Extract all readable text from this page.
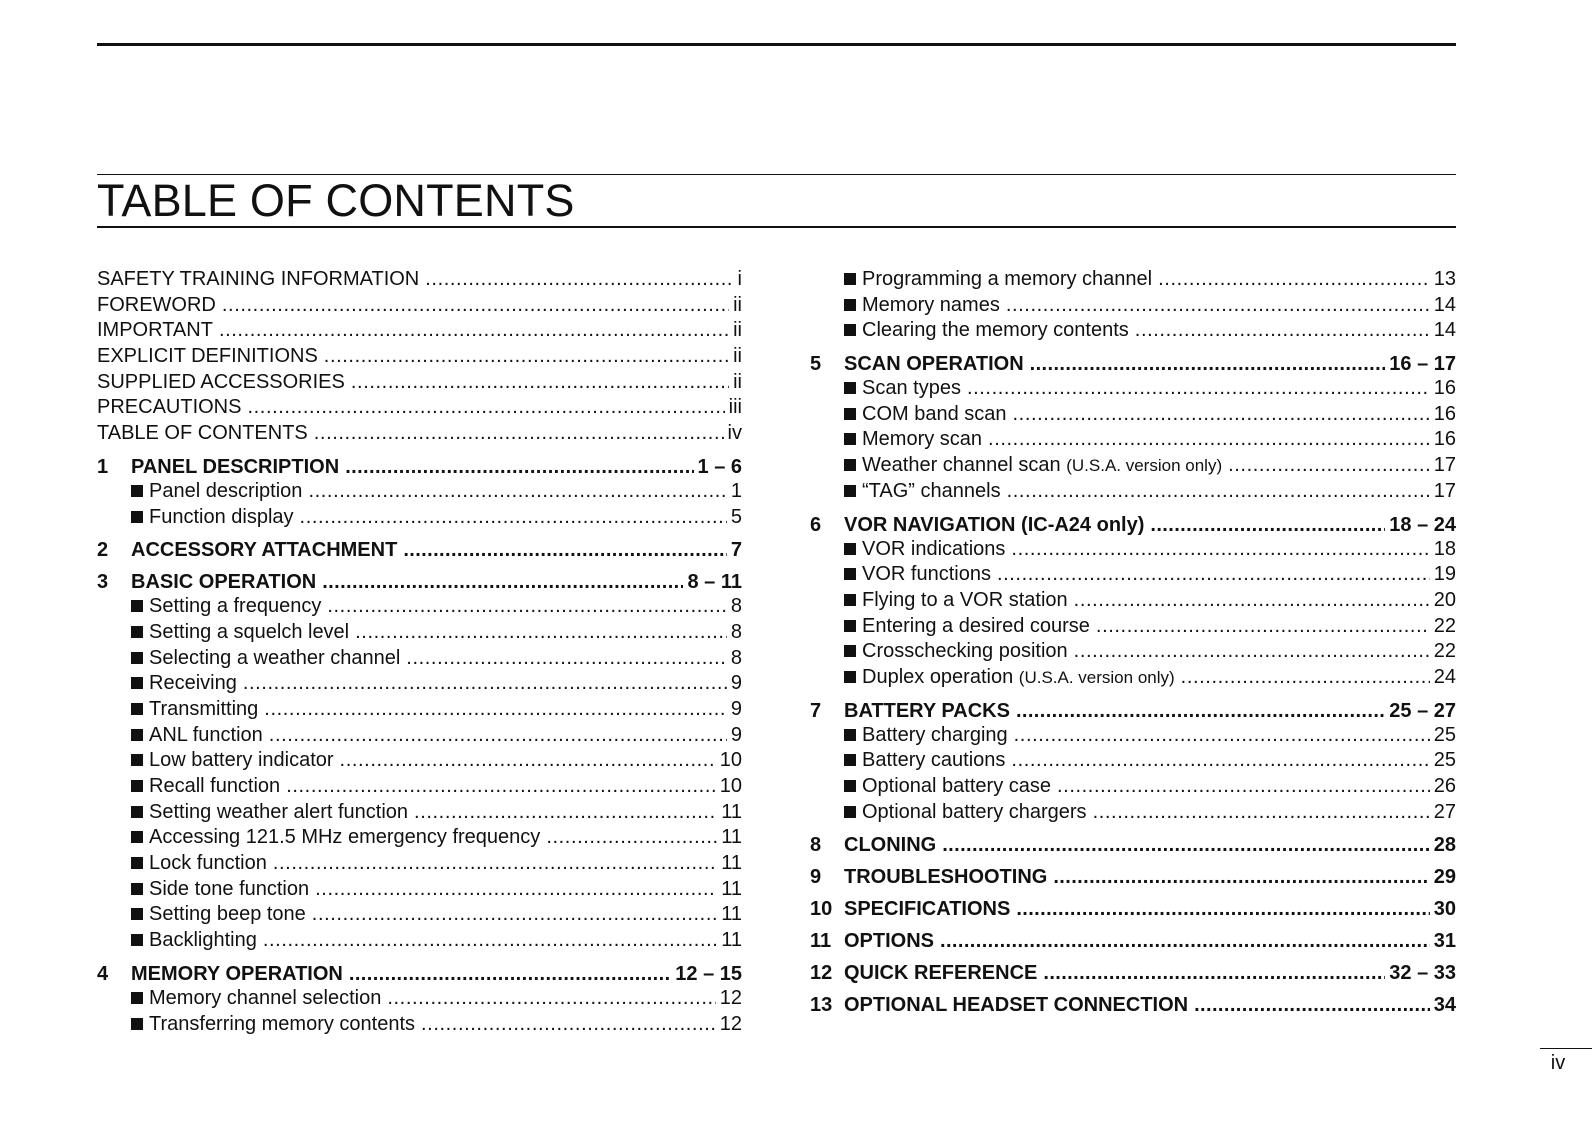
TABLE OF CONTENTS
SAFETY TRAINING INFORMATION .....	i
FOREWORD .....	ii
IMPORTANT .....	ii
EXPLICIT DEFINITIONS .....	ii
SUPPLIED ACCESSORIES .....	ii
PRECAUTIONS .....	iii
TABLE OF CONTENTS .....	iv
1	PANEL DESCRIPTION .....	1 – 6
Panel description .....	1
Function display .....	5
2	ACCESSORY ATTACHMENT .....	7
3	BASIC OPERATION .....	8 – 11
Setting a frequency .....	8
Setting a squelch level .....	8
Selecting a weather channel .....	8
Receiving .....	9
Transmitting .....	9
ANL function .....	9
Low battery indicator .....	10
Recall function .....	10
Setting weather alert function .....	11
Accessing 121.5 MHz emergency frequency .....	11
Lock function .....	11
Side tone function .....	11
Setting beep tone .....	11
Backlighting .....	11
4	MEMORY OPERATION .....	12 – 15
Memory channel selection .....	12
Transferring memory contents .....	12
Programming a memory channel .....	13
Memory names .....	14
Clearing the memory contents .....	14
5	SCAN OPERATION .....	16 – 17
Scan types .....	16
COM band scan .....	16
Memory scan .....	16
Weather channel scan
(U.S.A. version only) .....	17
“TAG” channels .....	17
6	VOR NAVIGATION (IC-A24 only) .....	18 – 24
VOR indications .....	18
VOR functions .....	19
Flying to a VOR station .....	20
Entering a desired course .....	22
Crosschecking position .....	22
Duplex operation
(U.S.A. version only) .....	24
7	BATTERY PACKS .....	25 – 27
Battery charging .....	25
Battery cautions .....	25
Optional battery case .....	26
Optional battery chargers .....	27
8	CLONING .....	28
9	TROUBLESHOOTING .....	29
10 SPECIFICATIONS .....	30
11 OPTIONS .....	31
12 QUICK REFERENCE .....	32 – 33
13 OPTIONAL HEADSET CONNECTION .....	34
iv
